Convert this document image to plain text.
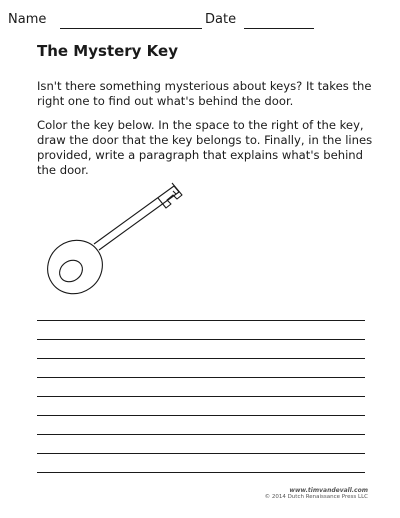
Name	Date
The Mystery Key

Isn't there something mysterious about keys? It takes the right one to find out what's behind the door.

Color the key below. In the space to the right of the key, draw the door that the key belongs to. Finally, in the lines provided, write a paragraph that explains what's behind the door.

www.timvandevall.com
© 2014 Dutch Renaissance Press LLC
